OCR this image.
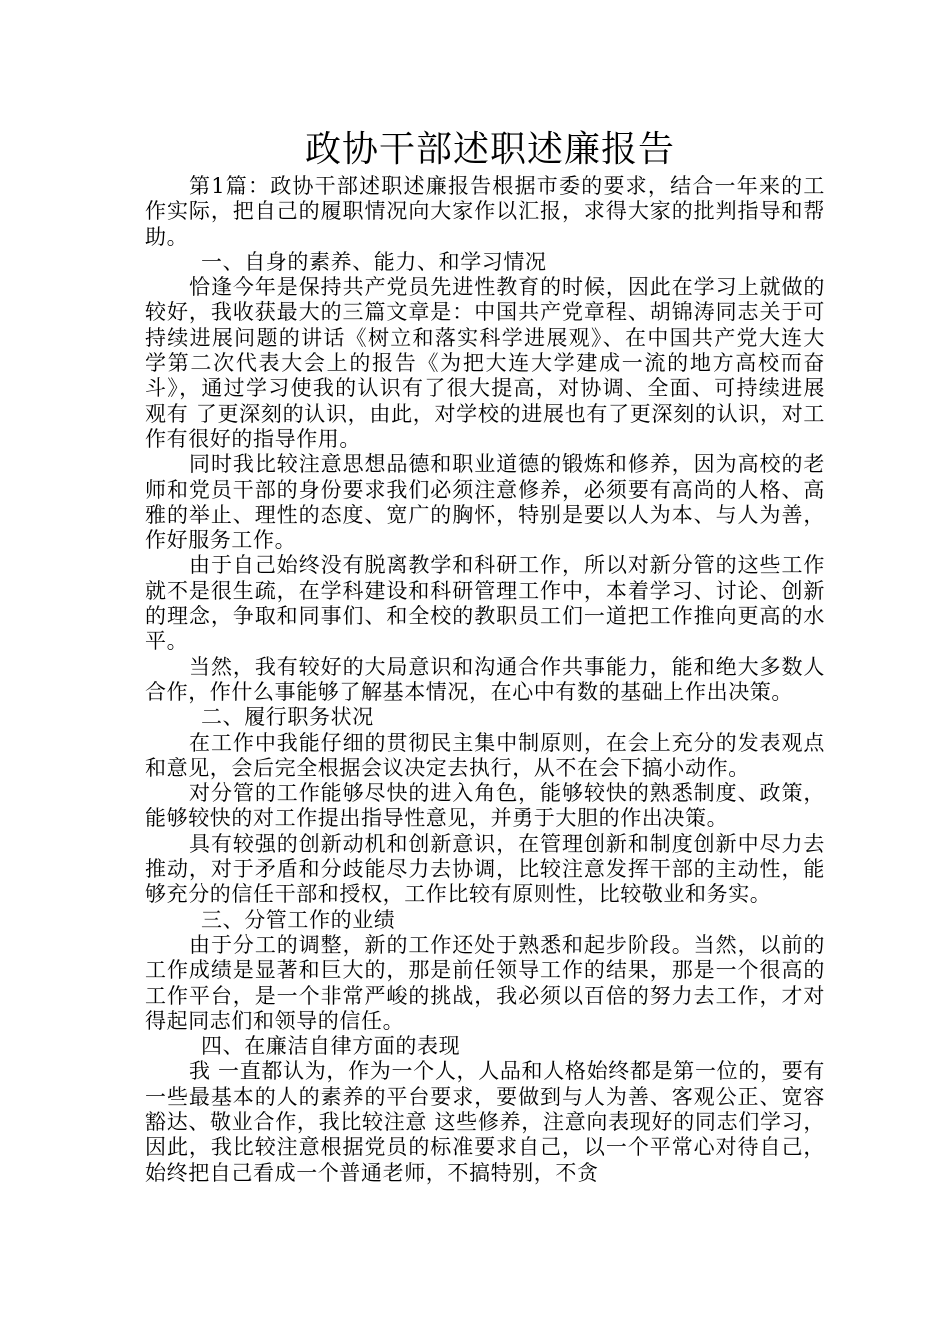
政协干部述职述廉报告

第1篇：政协干部述职述廉报告根据市委的要求，结合一年来的工作实际，把自己的履职情况向大家作以汇报，求得大家的批判指导和帮助。

一、自身的素养、能力、和学习情况

恰逢今年是保持共产党员先进性教育的时候，因此在学习上就做的较好，我收获最大的三篇文章是：中国共产党章程、胡锦涛同志关于可持续进展问题的讲话《树立和落实科学进展观》、在中国共产党大连大学第二次代表大会上的报告《为把大连大学建成一流的地方高校而奋斗》，通过学习使我的认识有了很大提高，对协调、全面、可持续进展观有 了更深刻的认识，由此，对学校的进展也有了更深刻的认识，对工作有很好的指导作用。

同时我比较注意思想品德和职业道德的锻炼和修养，因为高校的老师和党员干部的身份要求我们必须注意修养，必须要有高尚的人格、高雅的举止、理性的态度、宽广的胸怀，特别是要以人为本、与人为善，作好服务工作。

由于自己始终没有脱离教学和科研工作，所以对新分管的这些工作就不是很生疏，在学科建设和科研管理工作中，本着学习、讨论、创新的理念，争取和同事们、和全校的教职员工们一道把工作推向更高的水平。

当然，我有较好的大局意识和沟通合作共事能力，能和绝大多数人合作，作什么事能够了解基本情况，在心中有数的基础上作出决策。

二、履行职务状况

在工作中我能仔细的贯彻民主集中制原则，在会上充分的发表观点和意见，会后完全根据会议决定去执行，从不在会下搞小动作。

对分管的工作能够尽快的进入角色，能够较快的熟悉制度、政策，能够较快的对工作提出指导性意见，并勇于大胆的作出决策。

具有较强的创新动机和创新意识，在管理创新和制度创新中尽力去推动，对于矛盾和分歧能尽力去协调，比较注意发挥干部的主动性，能够充分的信任干部和授权，工作比较有原则性，比较敬业和务实。

三、分管工作的业绩

由于分工的调整，新的工作还处于熟悉和起步阶段。当然，以前的工作成绩是显著和巨大的，那是前任领导工作的结果，那是一个很高的工作平台，是一个非常严峻的挑战，我必须以百倍的努力去工作，才对得起同志们和领导的信任。

四、在廉洁自律方面的表现

我 一直都认为，作为一个人，人品和人格始终都是第一位的，要有一些最基本的人的素养的平台要求，要做到与人为善、客观公正、宽容豁达、敬业合作，我比较注意 这些修养，注意向表现好的同志们学习，因此，我比较注意根据党员的标准要求自己，以一个平常心对待自己，始终把自己看成一个普通老师，不搞特别，不贪
